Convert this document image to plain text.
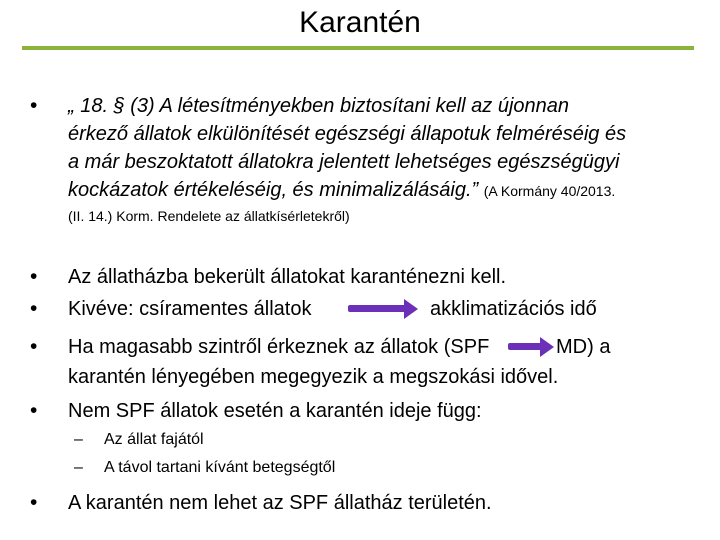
Karantén
• „ 18. § (3) A létesítményekben biztosítani kell az újonnan
érkező állatok elkülönítését egészségi állapotuk felméréséig és
a már beszoktatott állatokra jelentett lehetséges egészségügyi
kockázatok értékeléséig, és minimalizálásáig.” (A Kormány 40/2013.
(II. 14.) Korm. Rendelete az állatkísérletekről)
• Az állatházba bekerült állatokat karanténezni kell.
• Kivéve: csíramentes állatok	akklimatizációs idő
• Ha magasabb szintről érkeznek az állatok (SPF	MD) a
karantén lényegében megegyezik a megszokási idővel.
• Nem SPF állatok esetén a karantén ideje függ:
– Az állat fajától
– A távol tartani kívánt betegségtől
• A karantén nem lehet az SPF állatház területén.
